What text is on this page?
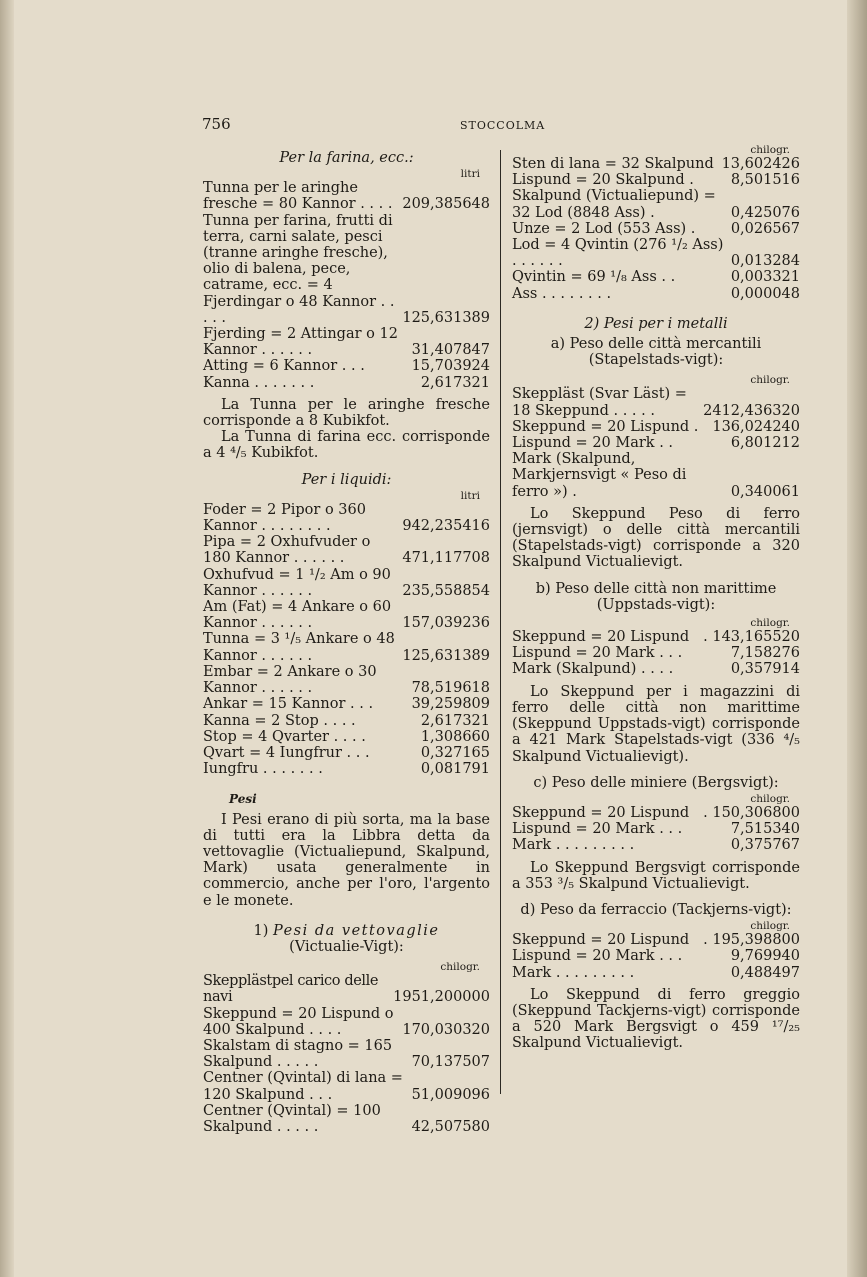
756	STOCCOLMA

Per la farina, ecc.:

litri

Tunna per le aringhe fresche = 80 Kannor . . . . 209,385648
Tunna per farina, frutti di terra, carni salate, pesci (tranne aringhe fresche), olio di balena, pece, catrame, ecc. = 4 Fjerdingar o 48 Kannor . . . . .	125,631389
Fjerding = 2 Attingar o 12 Kannor . . . . . .	31,407847
Atting = 6 Kannor . . .	15,703924
Kanna . . . . . . .	2,617321

La Tunna per le aringhe fresche corrisponde a 8 Kubikfot.

La Tunna di farina ecc. corrisponde a 4 ⁴/₅ Kubikfot.

Per i liquidi:

litri

Foder = 2 Pipor o 360 Kannor . . . . . . . .	942,235416
Pipa = 2 Oxhufvuder o 180 Kannor . . . . . .	471,117708
Oxhufvud = 1 ¹/₂ Am o 90 Kannor . . . . . .	235,558854
Am (Fat) = 4 Ankare o 60 Kannor . . . . . .	157,039236
Tunna = 3 ¹/₅ Ankare o 48 Kannor . . . . . .	125,631389
Embar = 2 Ankare o 30 Kannor . . . . . .	78,519618
Ankar = 15 Kannor . . .	39,259809
Kanna = 2 Stop . . . .	2,617321
Stop = 4 Qvarter . . . .	1,308660
Qvart = 4 Iungfrur . . .	0,327165
Iungfru . . . . . . .	0,081791

Pesi

I Pesi erano di più sorta, ma la base di tutti era la Libbra detta da vettovaglie (Victualiepund, Skalpund, Mark) usata generalmente in commercio, anche per l'oro, l'argento e le monete.

1) Pesi da vettovaglie

(Victualie-Vigt):

chilogr.

Skepplästpel carico delle navi	1951,200000
Skeppund = 20 Lispund o 400 Skalpund . . . .	170,030320
Skalstam di stagno = 165 Skalpund . . . . .	70,137507
Centner (Qvintal) di lana = 120 Skalpund . . .	51,009096
Centner (Qvintal) = 100 Skalpund . . . . .	42,507580

chilogr.

Sten di lana = 32 Skalpund 13,602426
Lispund = 20 Skalpund .	8,501516
Skalpund (Victualiepund) = 32 Lod (8848 Ass) .	0,425076
Unze = 2 Lod (553 Ass) .	0,026567
Lod = 4 Qvintin (276 ¹/₂ Ass) . . . . . .	0,013284
Qvintin = 69 ¹/₈ Ass . .	0,003321
Ass . . . . . . . .	0,000048

2) Pesi per i metalli

a) Peso delle città mercantili (Stapelstads-vigt):

chilogr.

Skeppläst (Svar Läst) = 18 Skeppund . . . . .	2412,436320
Skeppund = 20 Lispund . 136,024240
Lispund = 20 Mark . .	6,801212
Mark (Skalpund, Markjernsvigt « Peso di ferro ») .	0,340061

Lo Skeppund Peso di ferro (jernsvigt) o delle città mercantili (Stapelstads-vigt) corrisponde a 320 Skalpund Victualievigt.

b) Peso delle città non marittime (Uppstads-vigt):

chilogr.

Skeppund = 20 Lispund . 143,165520
Lispund = 20 Mark . . .	7,158276
Mark (Skalpund) . . . .	0,357914

Lo Skeppund per i magazzini di ferro delle città non marittime (Skeppund Uppstads-vigt) corrisponde a 421 Mark Stapelstads-vigt (336 ⁴/₅ Skalpund Victualievigt).

c) Peso delle miniere (Bergsvigt):

chilogr.

Skeppund = 20 Lispund . 150,306800
Lispund = 20 Mark . . .	7,515340
Mark . . . . . . . . .	0,375767

Lo Skeppund Bergsvigt corrisponde a 353 ³/₅ Skalpund Victualievigt.

d) Peso da ferraccio (Tackjerns-vigt):

chilogr.

Skeppund = 20 Lispund . 195,398800
Lispund = 20 Mark . . .	9,769940
Mark . . . . . . . . .	0,488497

Lo Skeppund di ferro greggio (Skeppund Tackjerns-vigt) corrisponde a 520 Mark Bergsvigt o 459 ¹⁷/₂₅ Skalpund Victualievigt.
